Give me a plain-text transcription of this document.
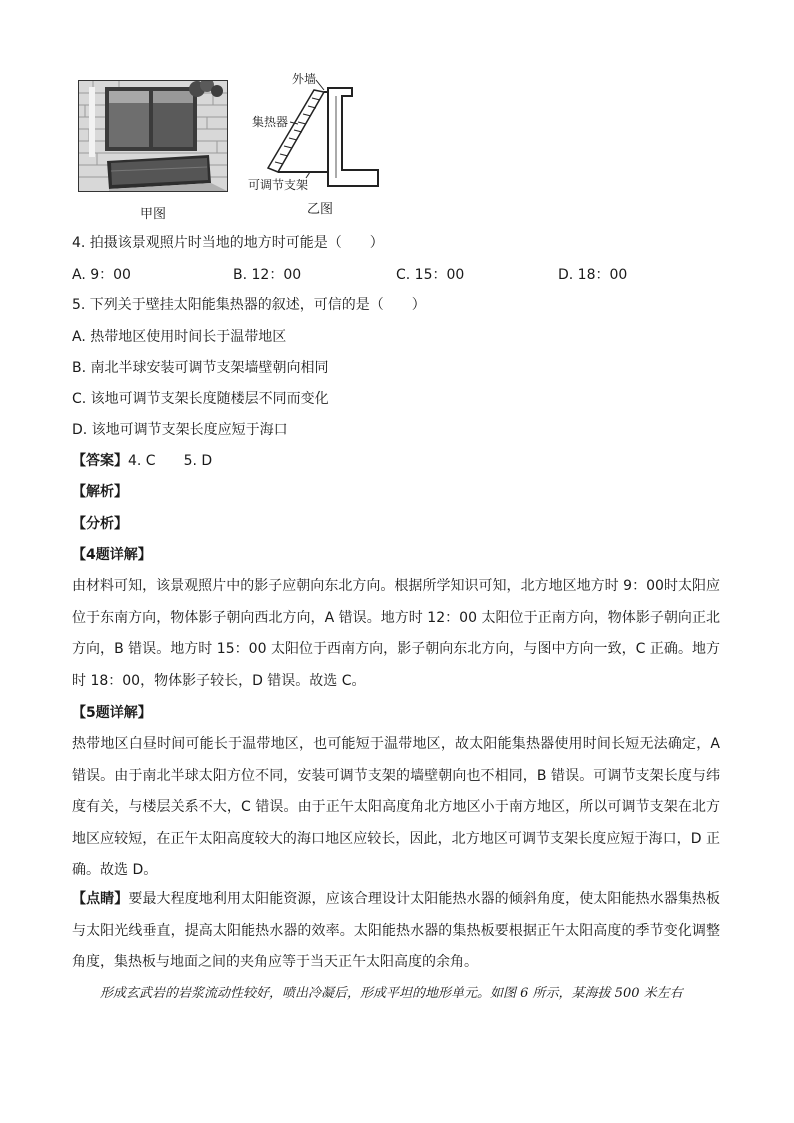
甲图
外墙
集热器
可调节支架
乙图
4. 拍摄该景观照片时当地的地方时可能是（　　）
A. 9：00	B. 12：00	C. 15：00	D. 18：00
5. 下列关于壁挂太阳能集热器的叙述，可信的是（　　）
A. 热带地区使用时间长于温带地区
B. 南北半球安装可调节支架墙壁朝向相同
C. 该地可调节支架长度随楼层不同而变化
D. 该地可调节支架长度应短于海口
【答案】4. C　　5. D
【解析】
【分析】
【4题详解】
由材料可知，该景观照片中的影子应朝向东北方向。根据所学知识可知，北方地区地方时 9：00时太阳应位于东南方向，物体影子朝向西北方向，A 错误。地方时 12：00 太阳位于正南方向，物体影子朝向正北方向，B 错误。地方时 15：00 太阳位于西南方向，影子朝向东北方向，与图中方向一致，C 正确。地方时 18：00，物体影子较长，D 错误。故选 C。
【5题详解】
热带地区白昼时间可能长于温带地区，也可能短于温带地区，故太阳能集热器使用时间长短无法确定，A 错误。由于南北半球太阳方位不同，安装可调节支架的墙壁朝向也不相同，B 错误。可调节支架长度与纬度有关，与楼层关系不大，C 错误。由于正午太阳高度角北方地区小于南方地区，所以可调节支架在北方地区应较短，在正午太阳高度较大的海口地区应较长，因此，北方地区可调节支架长度应短于海口，D 正确。故选 D。
【点睛】要最大程度地利用太阳能资源，应该合理设计太阳能热水器的倾斜角度，使太阳能热水器集热板与太阳光线垂直，提高太阳能热水器的效率。太阳能热水器的集热板要根据正午太阳高度的季节变化调整角度，集热板与地面之间的夹角应等于当天正午太阳高度的余角。
形成玄武岩的岩浆流动性较好，喷出冷凝后，形成平坦的地形单元。如图 6 所示，某海拔 500 米左右
